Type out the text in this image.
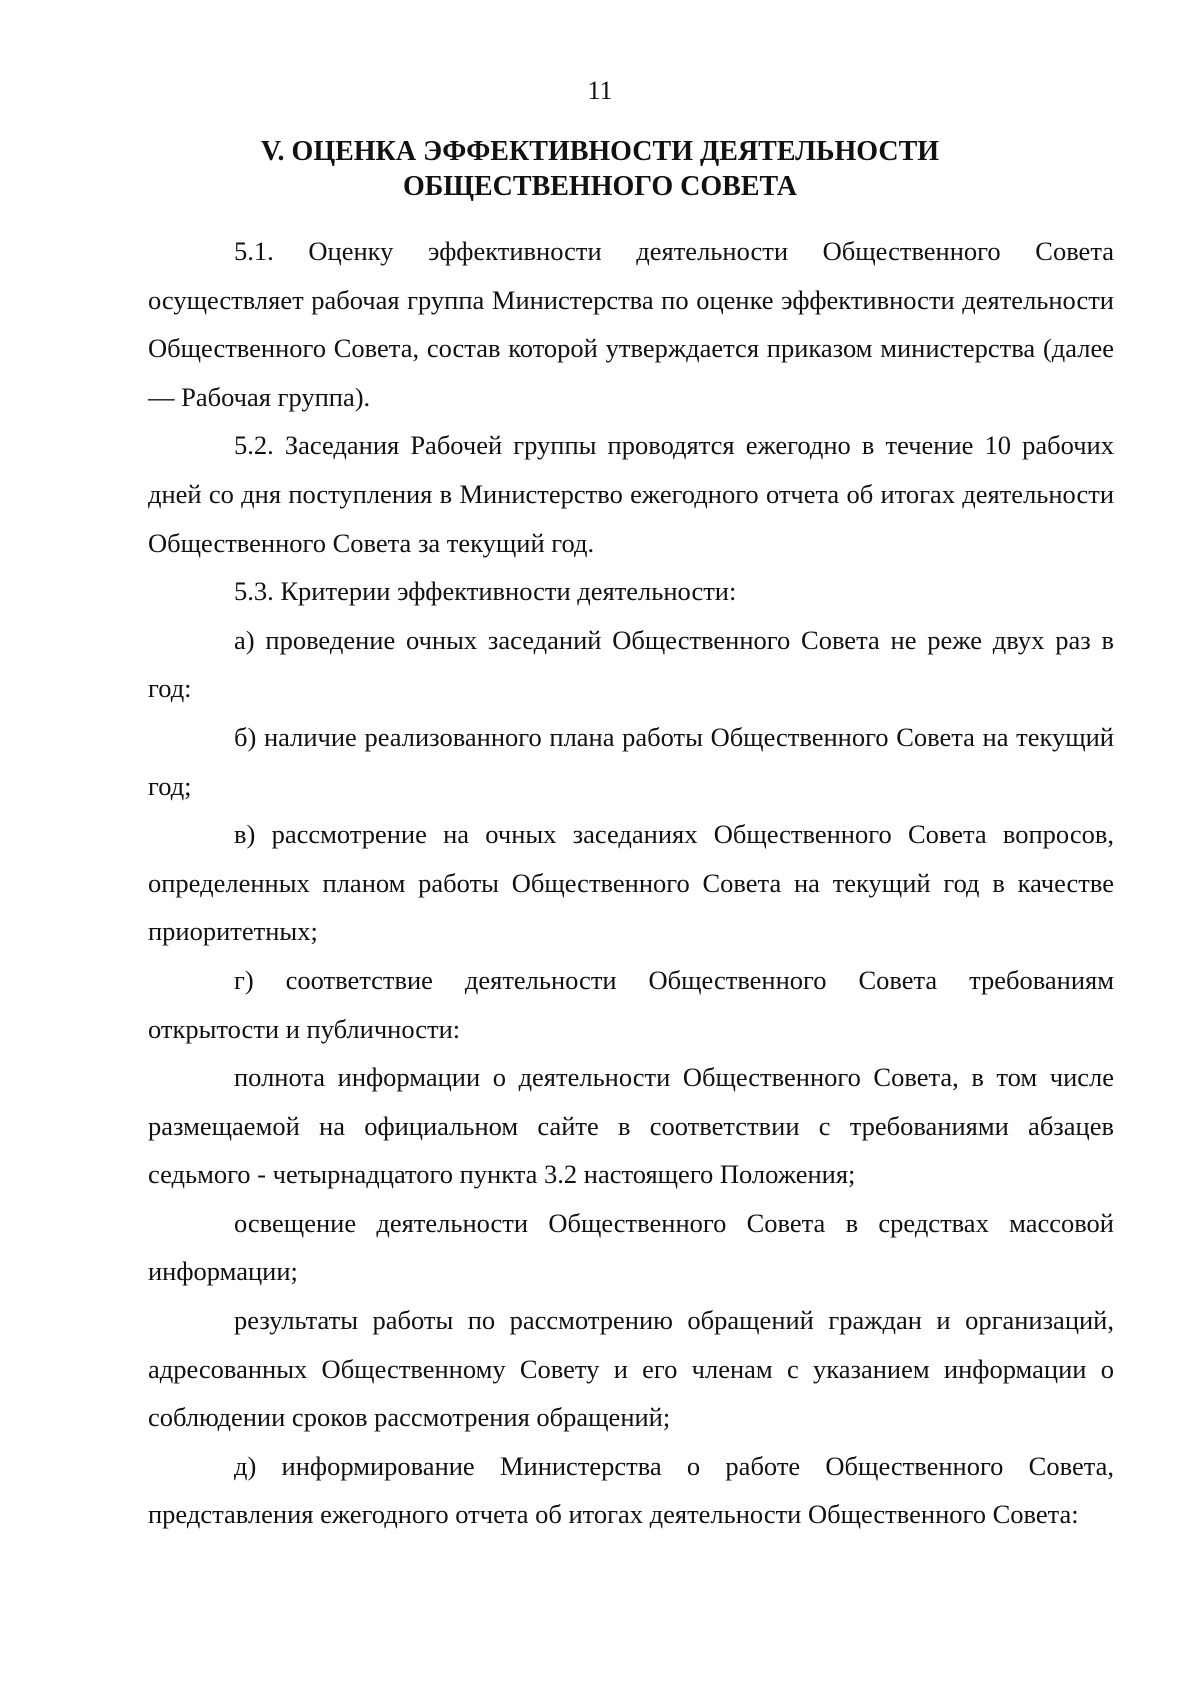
11
V. ОЦЕНКА ЭФФЕКТИВНОСТИ ДЕЯТЕЛЬНОСТИ
ОБЩЕСТВЕННОГО СОВЕТА

5.1. Оценку эффективности деятельности Общественного Совета осуществляет рабочая группа Министерства по оценке эффективности деятельности Общественного Совета, состав которой утверждается приказом министерства (далее — Рабочая группа).

5.2. Заседания Рабочей группы проводятся ежегодно в течение 10 рабочих дней со дня поступления в Министерство ежегодного отчета об итогах деятельности Общественного Совета за текущий год.

5.3. Критерии эффективности деятельности:

а) проведение очных заседаний Общественного Совета не реже двух раз в год:

б) наличие реализованного плана работы Общественного Совета на текущий год;

в) рассмотрение на очных заседаниях Общественного Совета вопросов, определенных планом работы Общественного Совета на текущий год в качестве приоритетных;

г) соответствие деятельности Общественного Совета требованиям открытости и публичности:

полнота информации о деятельности Общественного Совета, в том числе размещаемой на официальном сайте в соответствии с требованиями абзацев седьмого - четырнадцатого пункта 3.2 настоящего Положения;

освещение деятельности Общественного Совета в средствах массовой информации;

результаты работы по рассмотрению обращений граждан и организаций, адресованных Общественному Совету и его членам с указанием информации о соблюдении сроков рассмотрения обращений;

д) информирование Министерства о работе Общественного Совета, представления ежегодного отчета об итогах деятельности Общественного Совета:
